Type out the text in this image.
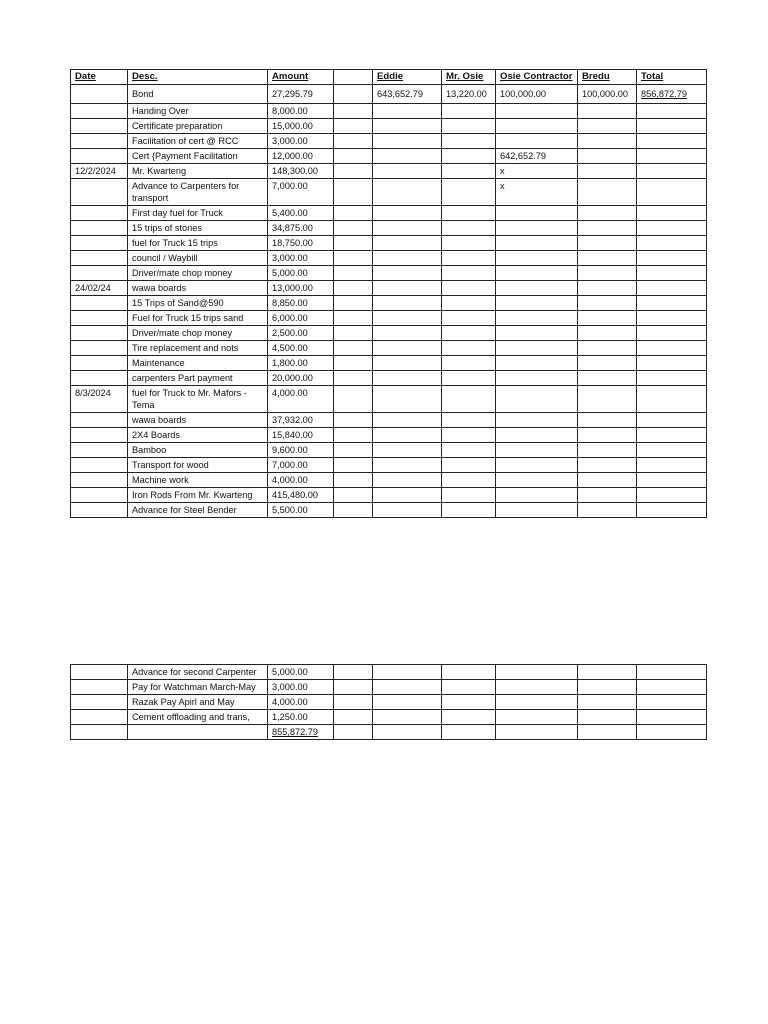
Date	Desc.	Amount		Eddie	Mr. Osie	Osie Contractor	Bredu	Total
	Bond	27,295.79		643,652.79	13,220.00	100,000.00	100,000.00	856,872.79
	Handing Over	8,000.00						
	Certificate preparation	15,000.00						
	Facilitation of cert @ RCC	3,000.00						
	Cert {Payment Facilitation	12,000.00				642,652.79		
12/2/2024	Mr. Kwarteng	148,300.00				x		
	Advance to Carpenters for transport	7,000.00				x		
	First day fuel for Truck	5,400.00						
	15 trips of stones	34,875.00						
	fuel for Truck 15 trips	18,750.00						
	council / Waybill	3,000.00						
	Driver/mate chop money	5,000.00						
24/02/24	wawa boards	13,000.00						
	15 Trips of Sand@590	8,850.00						
	Fuel for Truck 15 trips sand	6,000.00						
	Driver/mate chop money	2,500.00						
	Tire replacement and nots	4,500.00						
	Maintenance	1,800.00						
	carpenters Part payment	20,000.00						
8/3/2024	fuel for Truck to Mr. Mafors - Tema	4,000.00						
	wawa boards	37,932.00						
	2X4 Boards	15,840.00						
	Bamboo	9,600.00						
	Transport for wood	7,000.00						
	Machine work	4,000.00						
	Iron Rods From Mr. Kwarteng	415,480.00						
	Advance for Steel Bender	5,500.00						
	Advance for second Carpenter	5,000.00						
	Pay for Watchman March-May	3,000.00						
	Razak Pay Apirl and May	4,000.00						
	Cement offloading and trans,	1,250.00						
		855,872.79						
